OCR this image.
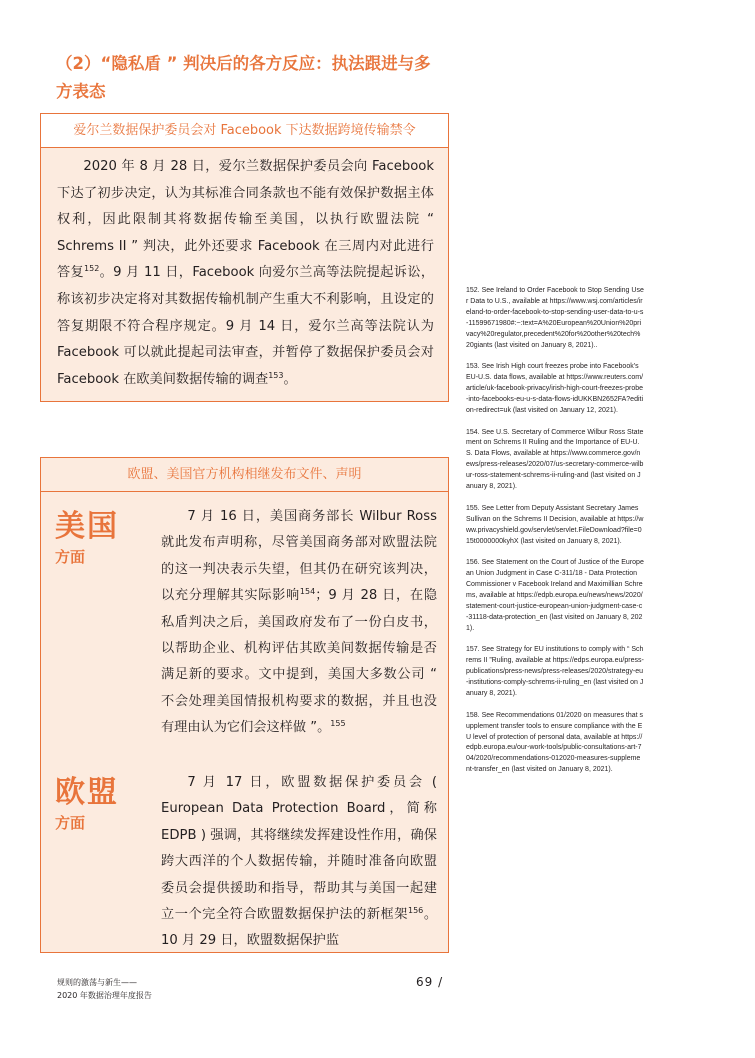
（2）“隐私盾 ” 判决后的各方反应：执法跟进与多方表态
爱尔兰数据保护委员会对 Facebook 下达数据跨境传输禁令
2020 年 8 月 28 日，爱尔兰数据保护委员会向 Facebook 下达了初步决定，认为其标准合同条款也不能有效保护数据主体权利，因此限制其将数据传输至美国，以执行欧盟法院 “ Schrems II ” 判决，此外还要求 Facebook 在三周内对此进行答复$^{152}$。9 月 11 日，Facebook 向爱尔兰高等法院提起诉讼，称该初步决定将对其数据传输机制产生重大不利影响，且设定的答复期限不符合程序规定。9 月 14 日，爱尔兰高等法院认为 Facebook 可以就此提起司法审查，并暂停了数据保护委员会对 Facebook 在欧美间数据传输的调查$^{153}$。
欧盟、美国官方机构相继发布文件、声明
美国
方面
7 月 16 日，美国商务部长 Wilbur Ross 就此发布声明称，尽管美国商务部对欧盟法院的这一判决表示失望，但其仍在研究该判决，以充分理解其实际影响$^{154}$；9 月 28 日，在隐私盾判决之后，美国政府发布了一份白皮书，以帮助企业、机构评估其欧美间数据传输是否满足新的要求。文中提到，美国大多数公司 “ 不会处理美国情报机构要求的数据，并且也没有理由认为它们会这样做 ”。$^{155}$
欧盟
方面
7 月 17 日，欧盟数据保护委员会 ( European Data Protection Board，简称 EDPB ) 强调，其将继续发挥建设性作用，确保跨大西洋的个人数据传输，并随时准备向欧盟委员会提供援助和指导，帮助其与美国一起建立一个完全符合欧盟数据保护法的新框架$^{156}$。10 月 29 日，欧盟数据保护监
152. See Ireland to Order Facebook to Stop Sending User Data to U.S., available at https://www.wsj.com/articles/ireland-to-order-facebook-to-stop-sending-user-data-to-u-s-11599671980#:~:text=A%20European%20Union%20privacy%20regulator,precedent%20for%20other%20tech%20giants (last visited on January 8, 2021)..
153. See Irish High court freezes probe into Facebook’s EU-U.S. data flows, available at https://www.reuters.com/article/uk-facebook-privacy/irish-high-court-freezes-probe-into-facebooks-eu-u-s-data-flows-idUKKBN2652FA?edition-redirect=uk (last visited on January 12, 2021).
154. See U.S. Secretary of Commerce Wilbur Ross Statement on Schrems II Ruling and the Importance of EU-U.S. Data Flows, available at https://www.commerce.gov/news/press-releases/2020/07/us-secretary-commerce-wilbur-ross-statement-schrems-ii-ruling-and (last visited on January 8, 2021).
155. See Letter from Deputy Assistant Secretary James Sullivan on the Schrems II Decision, available at https://www.privacyshield.gov/servlet/servlet.FileDownload?file=015t0000000kyhX (last visited on January 8, 2021).
156. See Statement on the Court of Justice of the European Union Judgment in Case C-311/18 - Data Protection Commissioner v Facebook Ireland and Maximillian Schrems, available at https://edpb.europa.eu/news/news/2020/statement-court-justice-european-union-judgment-case-c-31118-data-protection_en (last visited on January 8, 2021).
157. See Strategy for EU institutions to comply with “ Schrems II ”Ruling, available at https://edps.europa.eu/press-publications/press-news/press-releases/2020/strategy-eu-institutions-comply-schrems-ii-ruling_en (last visited on January 8, 2021).
158. See Recommendations 01/2020 on measures that supplement transfer tools to ensure compliance with the EU level of protection of personal data, available at https://edpb.europa.eu/our-work-tools/public-consultations-art-704/2020/recommendations-012020-measures-supplement-transfer_en (last visited on January 8, 2021).
规则的激荡与新生——
2020 年数据治理年度报告
69 /
